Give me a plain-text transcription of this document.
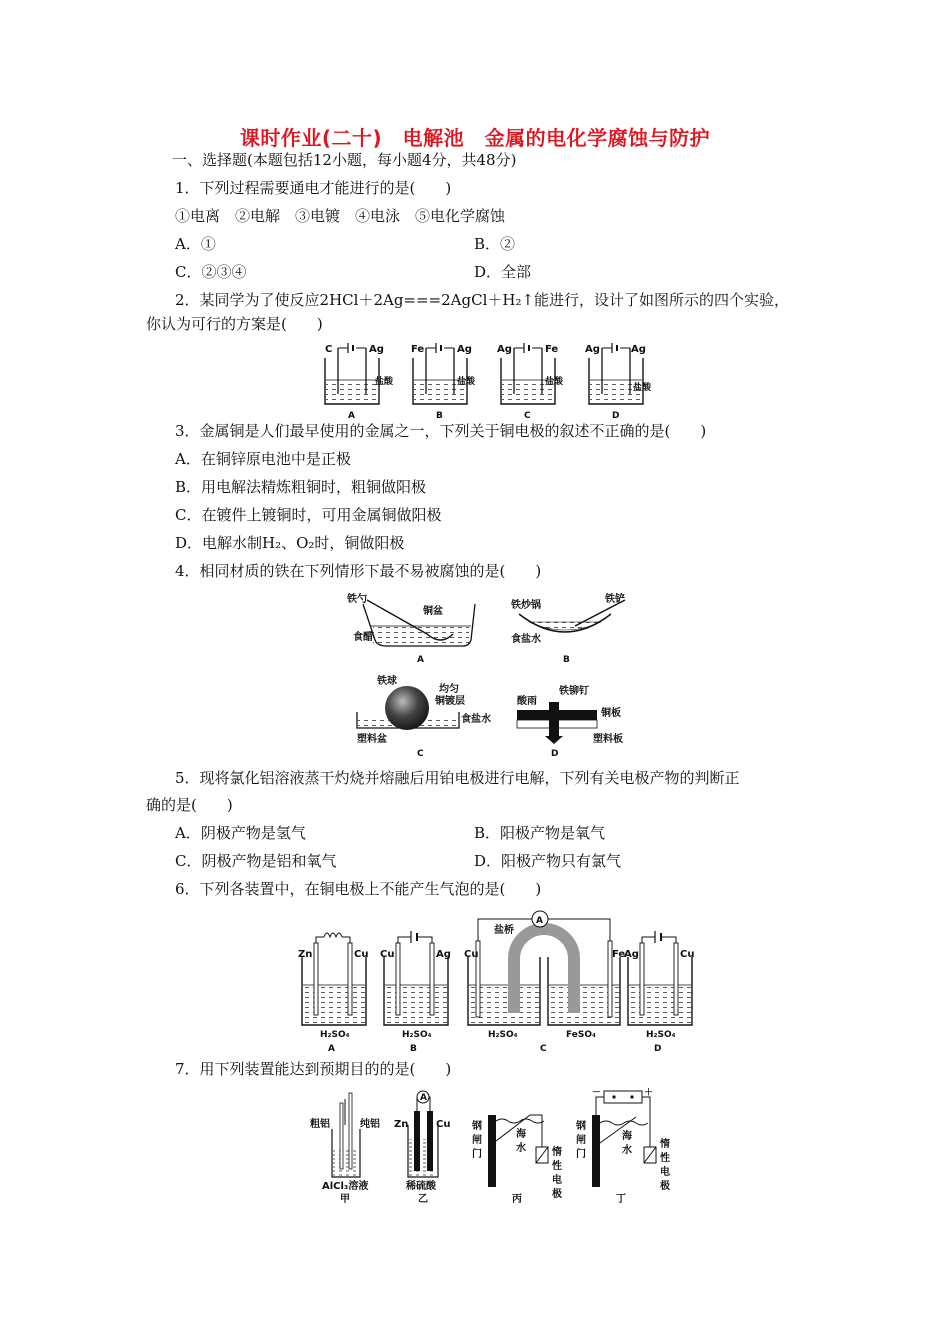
课时作业(二十)　电解池　金属的电化学腐蚀与防护
一、选择题(本题包括12小题，每小题4分，共48分)
1．下列过程需要通电才能进行的是(　　)
①电离　②电解　③电镀　④电泳　⑤电化学腐蚀
A．①	B．②
C．②③④	D．全部
2．某同学为了使反应2HCl＋2Ag===2AgCl＋H₂↑能进行，设计了如图所示的四个实验，
你认为可行的方案是(　　)
C	Ag
盐酸
A
Fe	Ag
盐酸
B
Ag	Fe
盐酸
C
Ag	Ag
盐酸
D
3．金属铜是人们最早使用的金属之一，下列关于铜电极的叙述不正确的是(　　)
A．在铜锌原电池中是正极
B．用电解法精炼粗铜时，粗铜做阳极
C．在镀件上镀铜时，可用金属铜做阳极
D．电解水制H₂、O₂时，铜做阳极
4．相同材质的铁在下列情形下最不易被腐蚀的是(　　)
铁勺
铜盆
食醋
A
铁炒锅
铁铲
食盐水
B
铁球
均匀
铜镀层
食盐水
塑料盆
C
酸雨
铁铆钉
铜板
塑料板
D
5．现将氯化铝溶液蒸干灼烧并熔融后用铂电极进行电解，下列有关电极产物的判断正
确的是(　　)
A．阴极产物是氢气	B．阳极产物是氧气
C．阴极产物是铝和氧气	D．阳极产物只有氯气
6．下列各装置中，在铜电极上不能产生气泡的是(　　)
Zn	Cu
H₂SO₄
A
Cu	Ag
H₂SO₄
B
A
盐桥
Cu	Fe
H₂SO₄	FeSO₄
C
Ag	Cu
H₂SO₄
D
7．用下列装置能达到预期目的的是(　　)
粗铝	纯铝
AlCl₃溶液
甲
A
Zn	Cu
稀硫酸
乙
钢
闸
门
海
水	惰
性
电
极
丙
－	＋
钢
闸
门
海
水
惰
性
电
极
丁
